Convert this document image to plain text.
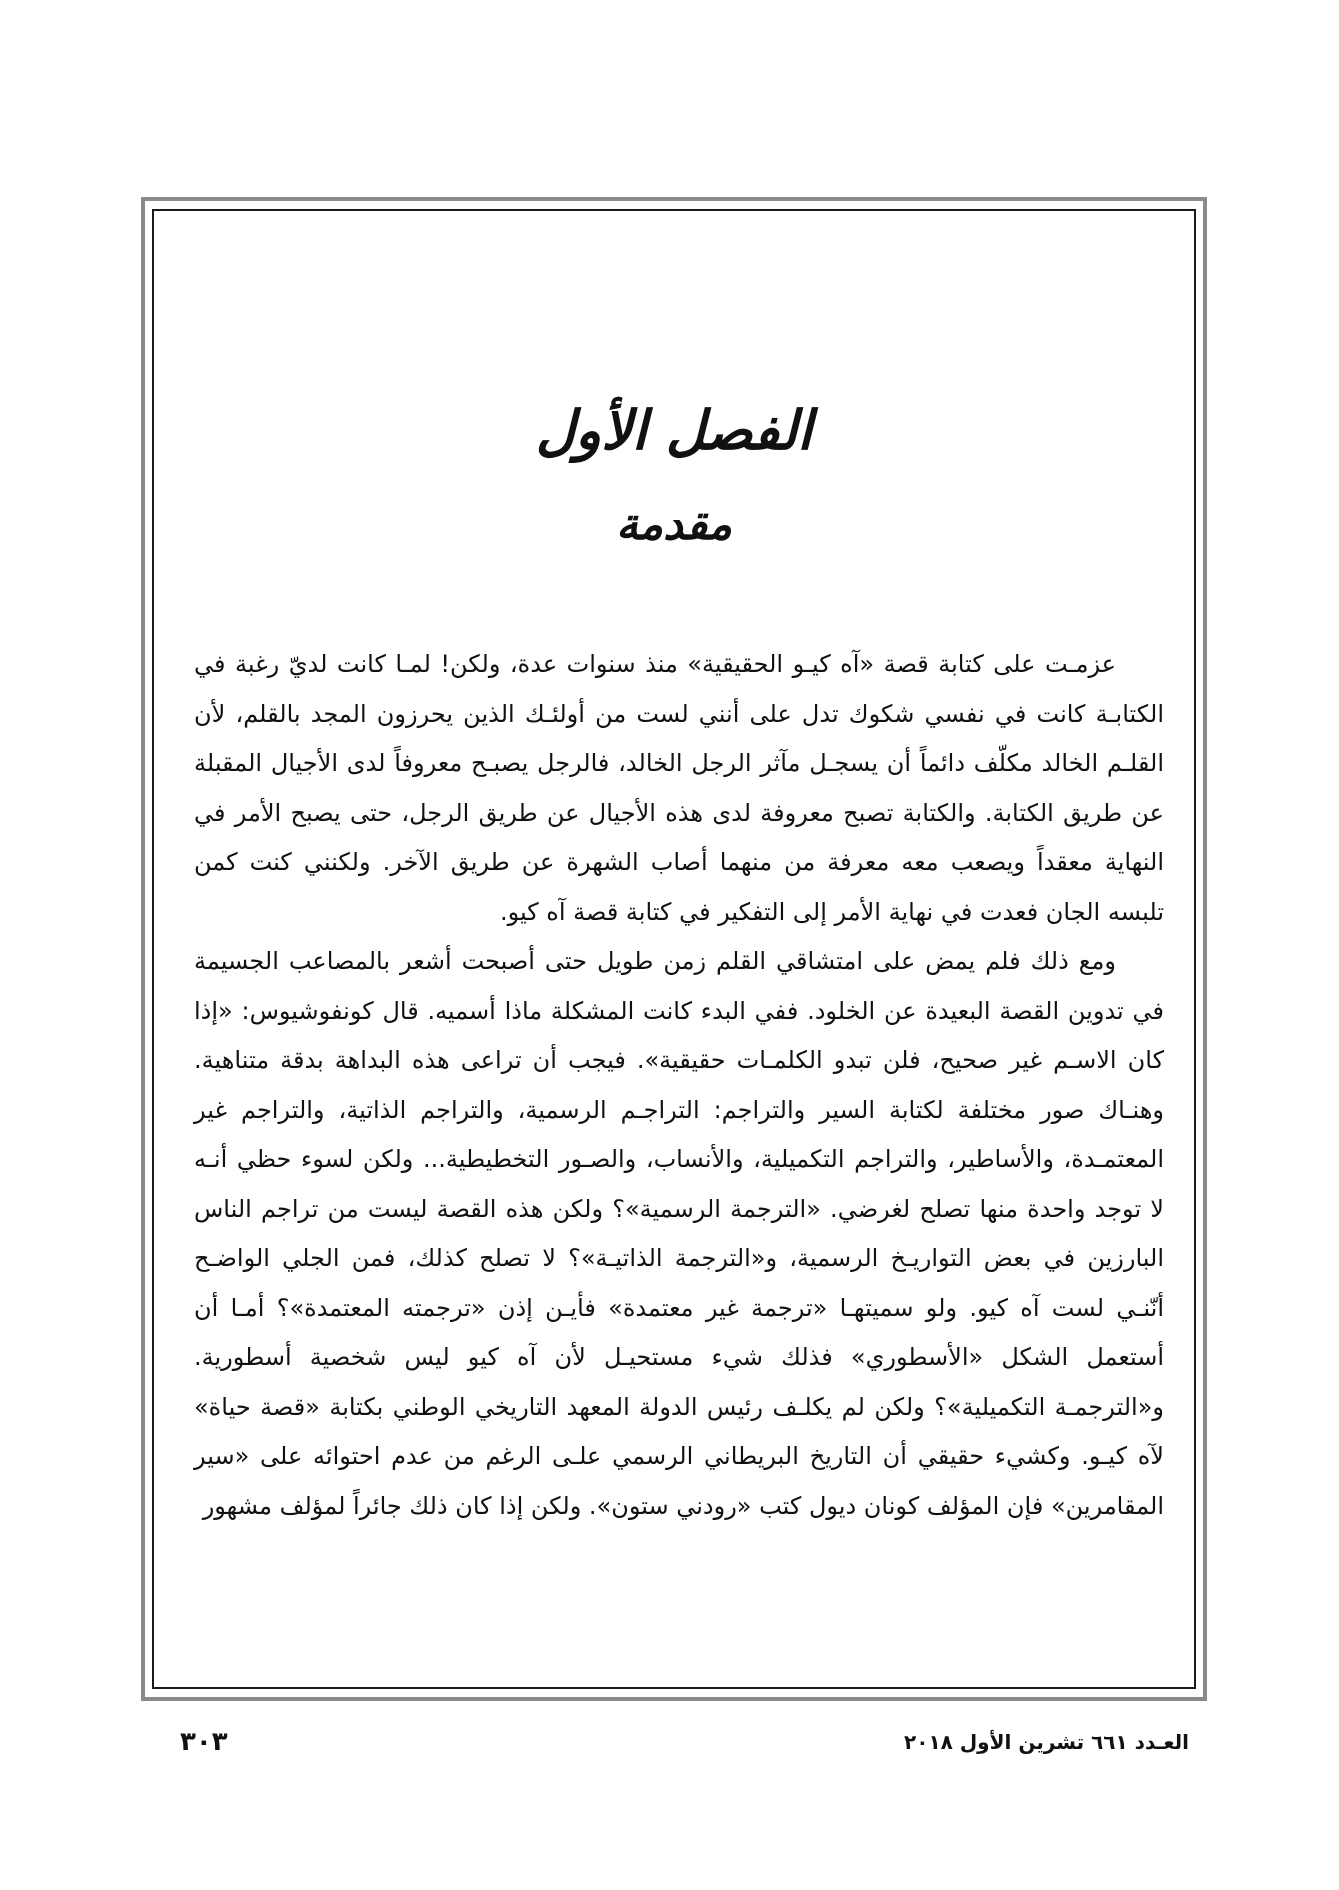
الفصل الأول
مقدمة

عزمـت على كتابة قصة «آه كيـو الحقيقية» منذ سنوات عدة، ولكن! لمـا كانت لديّ رغبة في الكتابـة كانت في نفسي شكوك تدل على أنني لست من أولئـك الذين يحرزون المجد بالقلم، لأن القلـم الخالد مكلّف دائماً أن يسجـل مآثر الرجل الخالد، فالرجل يصبـح معروفاً لدى الأجيال المقبلة عن طريق الكتابة. والكتابة تصبح معروفة لدى هذه الأجيال عن طريق الرجل، حتى يصبح الأمر في النهاية معقداً ويصعب معه معرفة من منهما أصاب الشهرة عن طريق الآخر. ولكنني كنت كمن تلبسه الجان فعدت في نهاية الأمر إلى التفكير في كتابة قصة آه كيو.

ومع ذلك فلم يمض على امتشاقي القلم زمن طويل حتى أصبحت أشعر بالمصاعب الجسيمة في تدوين القصة البعيدة عن الخلود. ففي البدء كانت المشكلة ماذا أسميه. قال كونفوشيوس: «إذا كان الاسـم غير صحيح، فلن تبدو الكلمـات حقيقية». فيجب أن تراعى هذه البداهة بدقة متناهية. وهنـاك صور مختلفة لكتابة السير والتراجم: التراجـم الرسمية، والتراجم الذاتية، والتراجم غير المعتمـدة، والأساطير، والتراجم التكميلية، والأنساب، والصـور التخطيطية... ولكن لسوء حظي أنـه لا توجد واحدة منها تصلح لغرضي. «الترجمة الرسمية»؟ ولكن هذه القصة ليست من تراجم الناس البارزين في بعض التواريـخ الرسمية، و«الترجمة الذاتيـة»؟ لا تصلح كذلك، فمن الجلي الواضـح أنّنـي لست آه كيو. ولو سميتهـا «ترجمة غير معتمدة» فأيـن إذن «ترجمته المعتمدة»؟ أمـا أن أستعمل الشكل «الأسطوري» فذلك شيء مستحيـل لأن آه كيو ليس شخصية أسطورية. و«الترجمـة التكميلية»؟ ولكن لم يكلـف رئيس الدولة المعهد التاريخي الوطني بكتابة «قصة حياة» لآه كيـو. وكشيء حقيقي أن التاريخ البريطاني الرسمي علـى الرغم من عدم احتوائه على «سير المقامرين» فإن المؤلف كونان ديول كتب «رودني ستون». ولكن إذا كان ذلك جائراً لمؤلف مشهور

العـدد ٦٦١ تشرين الأول ٢٠١٨
٣٠٣
